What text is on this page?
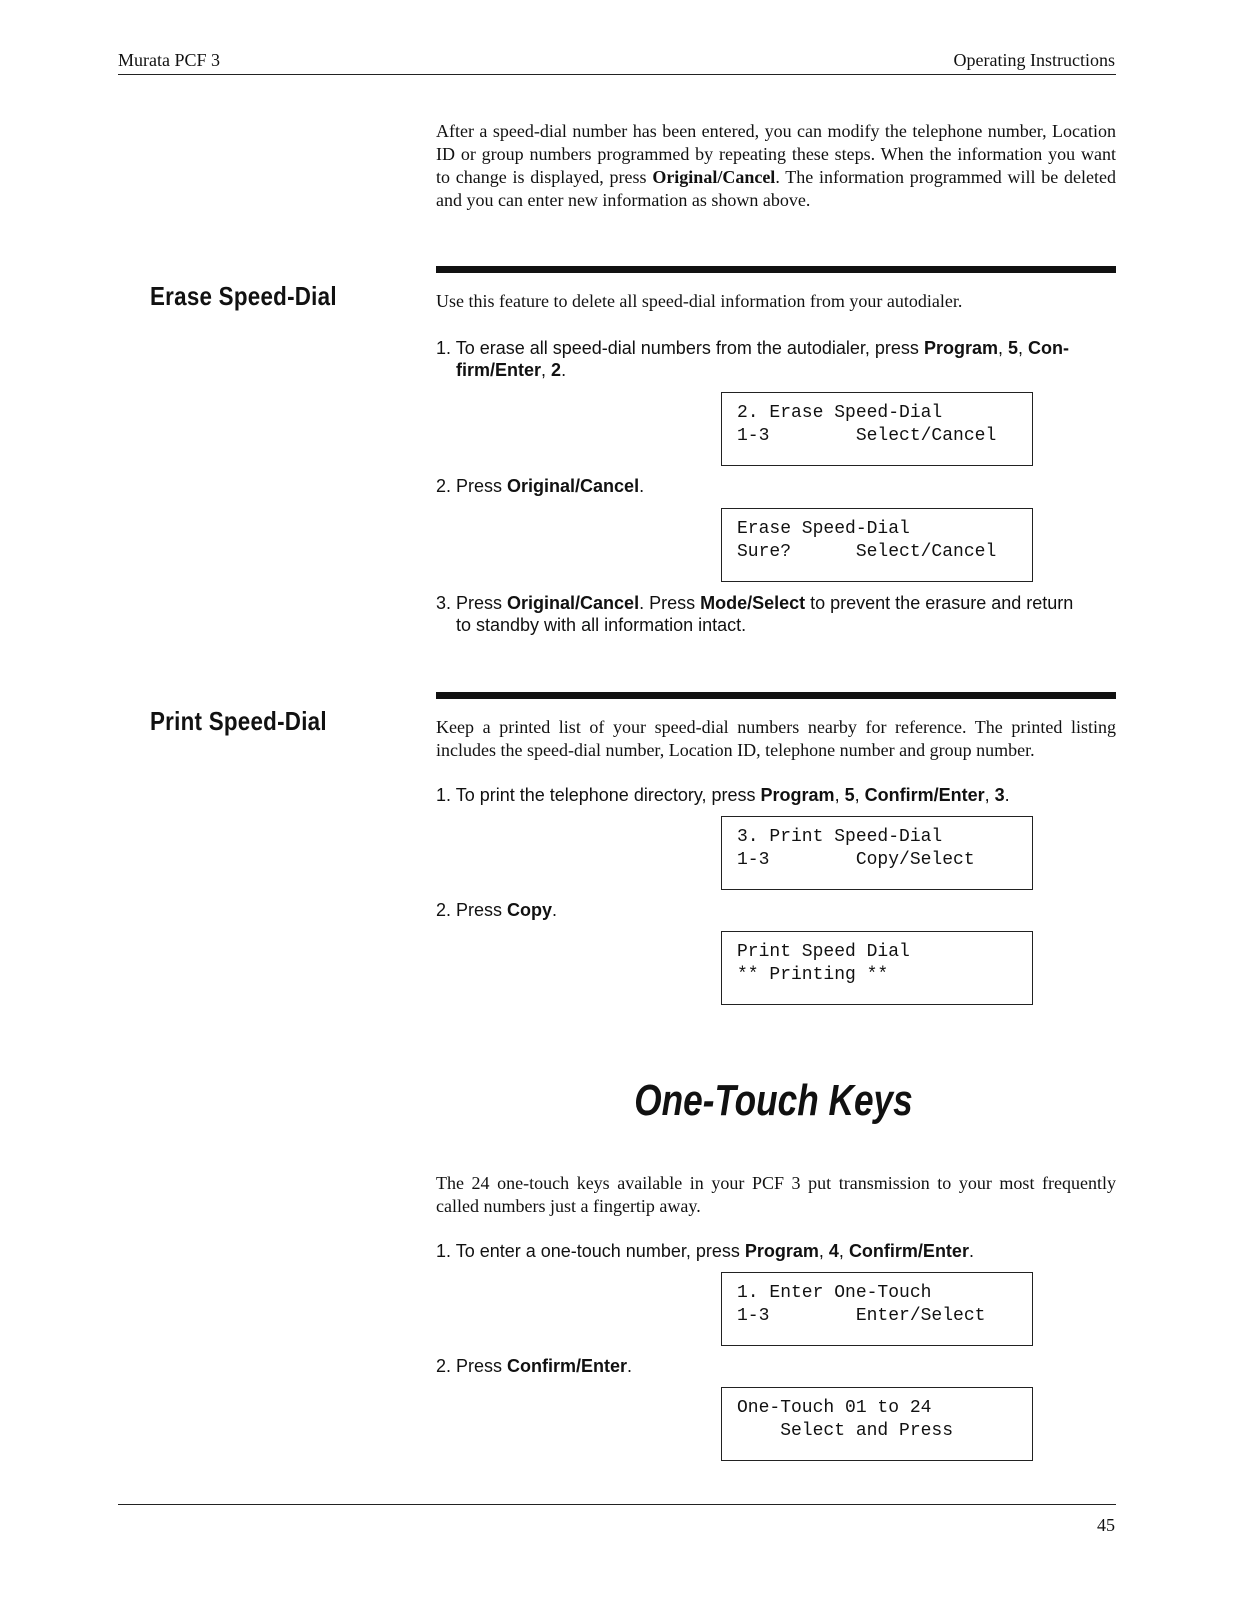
Murata PCF 3	Operating Instructions

After a speed-dial number has been entered, you can modify the telephone number, Location ID or group numbers programmed by repeating these steps. When the information you want to change is displayed, press Original/Cancel. The information programmed will be deleted and you can enter new information as shown above.

Erase Speed-Dial	Use this feature to delete all speed-dial information from your autodialer.

1. To erase all speed-dial numbers from the autodialer, press Program, 5, Con-
firm/Enter, 2.

2. Erase Speed-Dial
1-3        Select/Cancel

2. Press Original/Cancel.

Erase Speed-Dial
Sure?      Select/Cancel

3. Press Original/Cancel. Press Mode/Select to prevent the erasure and return
to standby with all information intact.

Print Speed-Dial	Keep a printed list of your speed-dial numbers nearby for reference. The printed listing includes the speed-dial number, Location ID, telephone number and group number.

1. To print the telephone directory, press Program, 5, Confirm/Enter, 3.

3. Print Speed-Dial
1-3        Copy/Select

2. Press Copy.

Print Speed Dial
** Printing **
One-Touch Keys

The 24 one-touch keys available in your PCF 3 put transmission to your most frequently called numbers just a fingertip away.

1. To enter a one-touch number, press Program, 4, Confirm/Enter.

1. Enter One-Touch
1-3        Enter/Select

2. Press Confirm/Enter.

One-Touch 01 to 24
Select and Press
45
